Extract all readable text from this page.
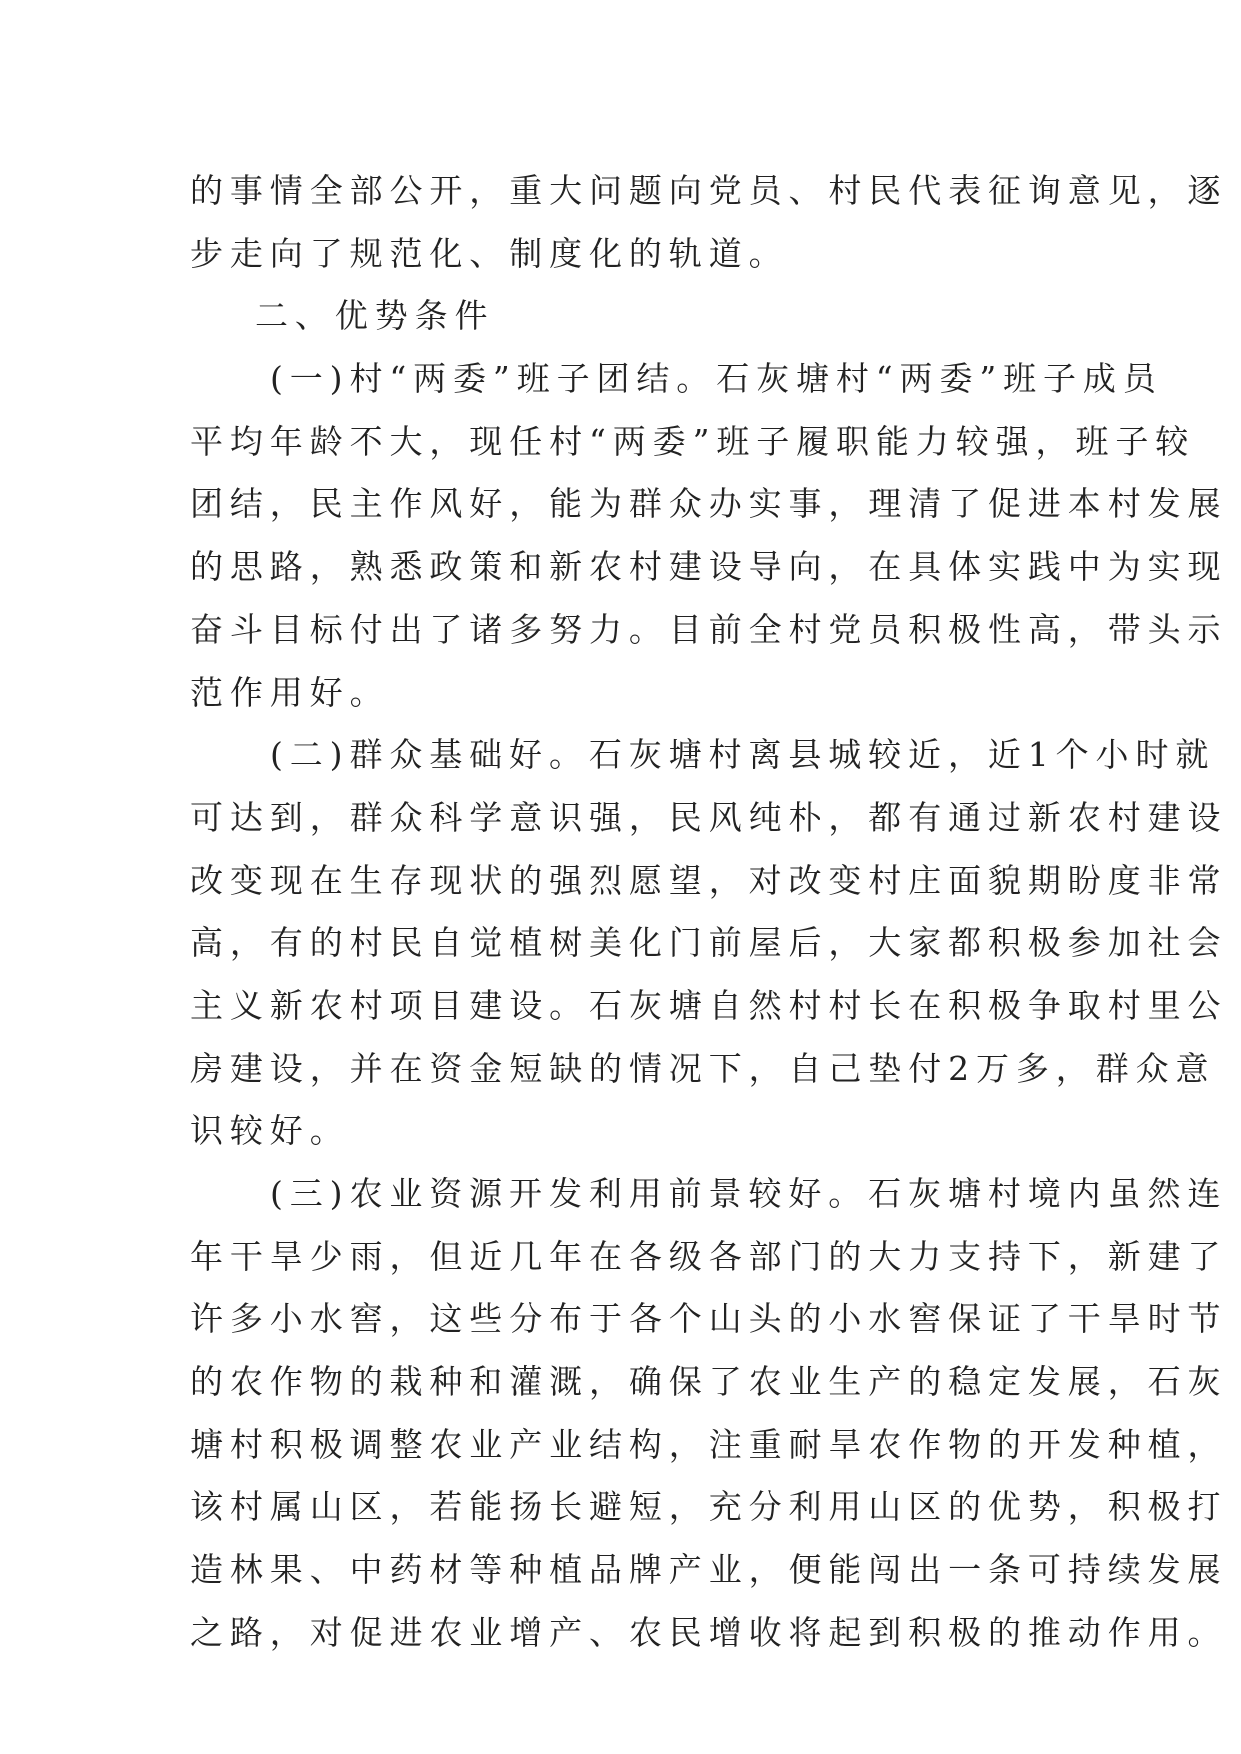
的事情全部公开，重大问题向党员、村民代表征询意见，逐
步走向了规范化、制度化的轨道。
二、优势条件
(一)村“两委”班子团结。石灰塘村“两委”班子成员
平均年龄不大，现任村“两委”班子履职能力较强，班子较
团结，民主作风好，能为群众办实事，理清了促进本村发展
的思路，熟悉政策和新农村建设导向，在具体实践中为实现
奋斗目标付出了诸多努力。目前全村党员积极性高，带头示
范作用好。
(二)群众基础好。石灰塘村离县城较近，近1个小时就
可达到，群众科学意识强，民风纯朴，都有通过新农村建设
改变现在生存现状的强烈愿望，对改变村庄面貌期盼度非常
高，有的村民自觉植树美化门前屋后，大家都积极参加社会
主义新农村项目建设。石灰塘自然村村长在积极争取村里公
房建设，并在资金短缺的情况下，自己垫付2万多，群众意
识较好。
(三)农业资源开发利用前景较好。石灰塘村境内虽然连
年干旱少雨，但近几年在各级各部门的大力支持下，新建了
许多小水窖，这些分布于各个山头的小水窖保证了干旱时节
的农作物的栽种和灌溉，确保了农业生产的稳定发展，石灰
塘村积极调整农业产业结构，注重耐旱农作物的开发种植，
该村属山区，若能扬长避短，充分利用山区的优势，积极打
造林果、中药材等种植品牌产业，便能闯出一条可持续发展
之路，对促进农业增产、农民增收将起到积极的推动作用。
